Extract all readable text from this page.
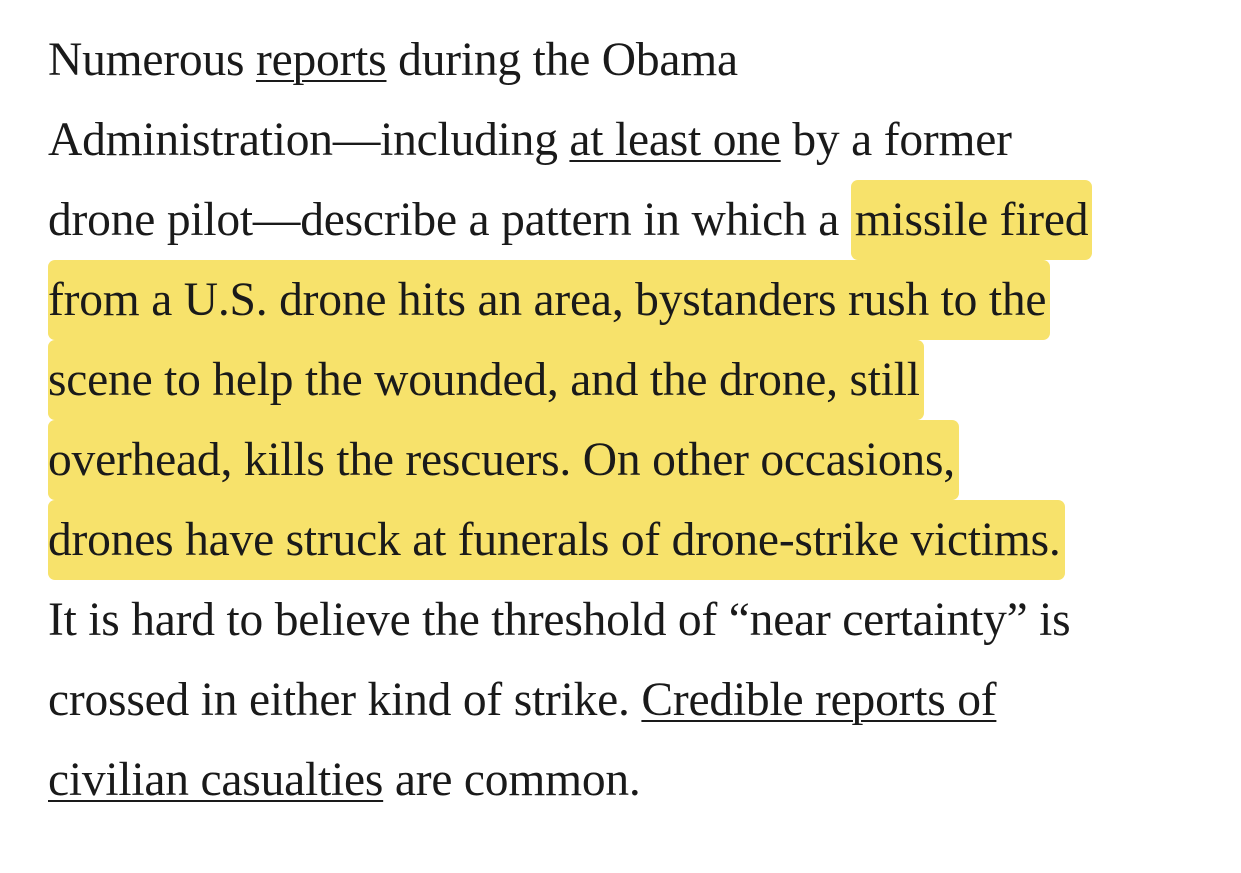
Numerous reports during the Obama
Administration—including at least one by a former
drone pilot—describe a pattern in which a missile fired
from a U.S. drone hits an area, bystanders rush to the
scene to help the wounded, and the drone, still
overhead, kills the rescuers. On other occasions,
drones have struck at funerals of drone-strike victims.
It is hard to believe the threshold of “near certainty” is
crossed in either kind of strike. Credible reports of
civilian casualties are common.
